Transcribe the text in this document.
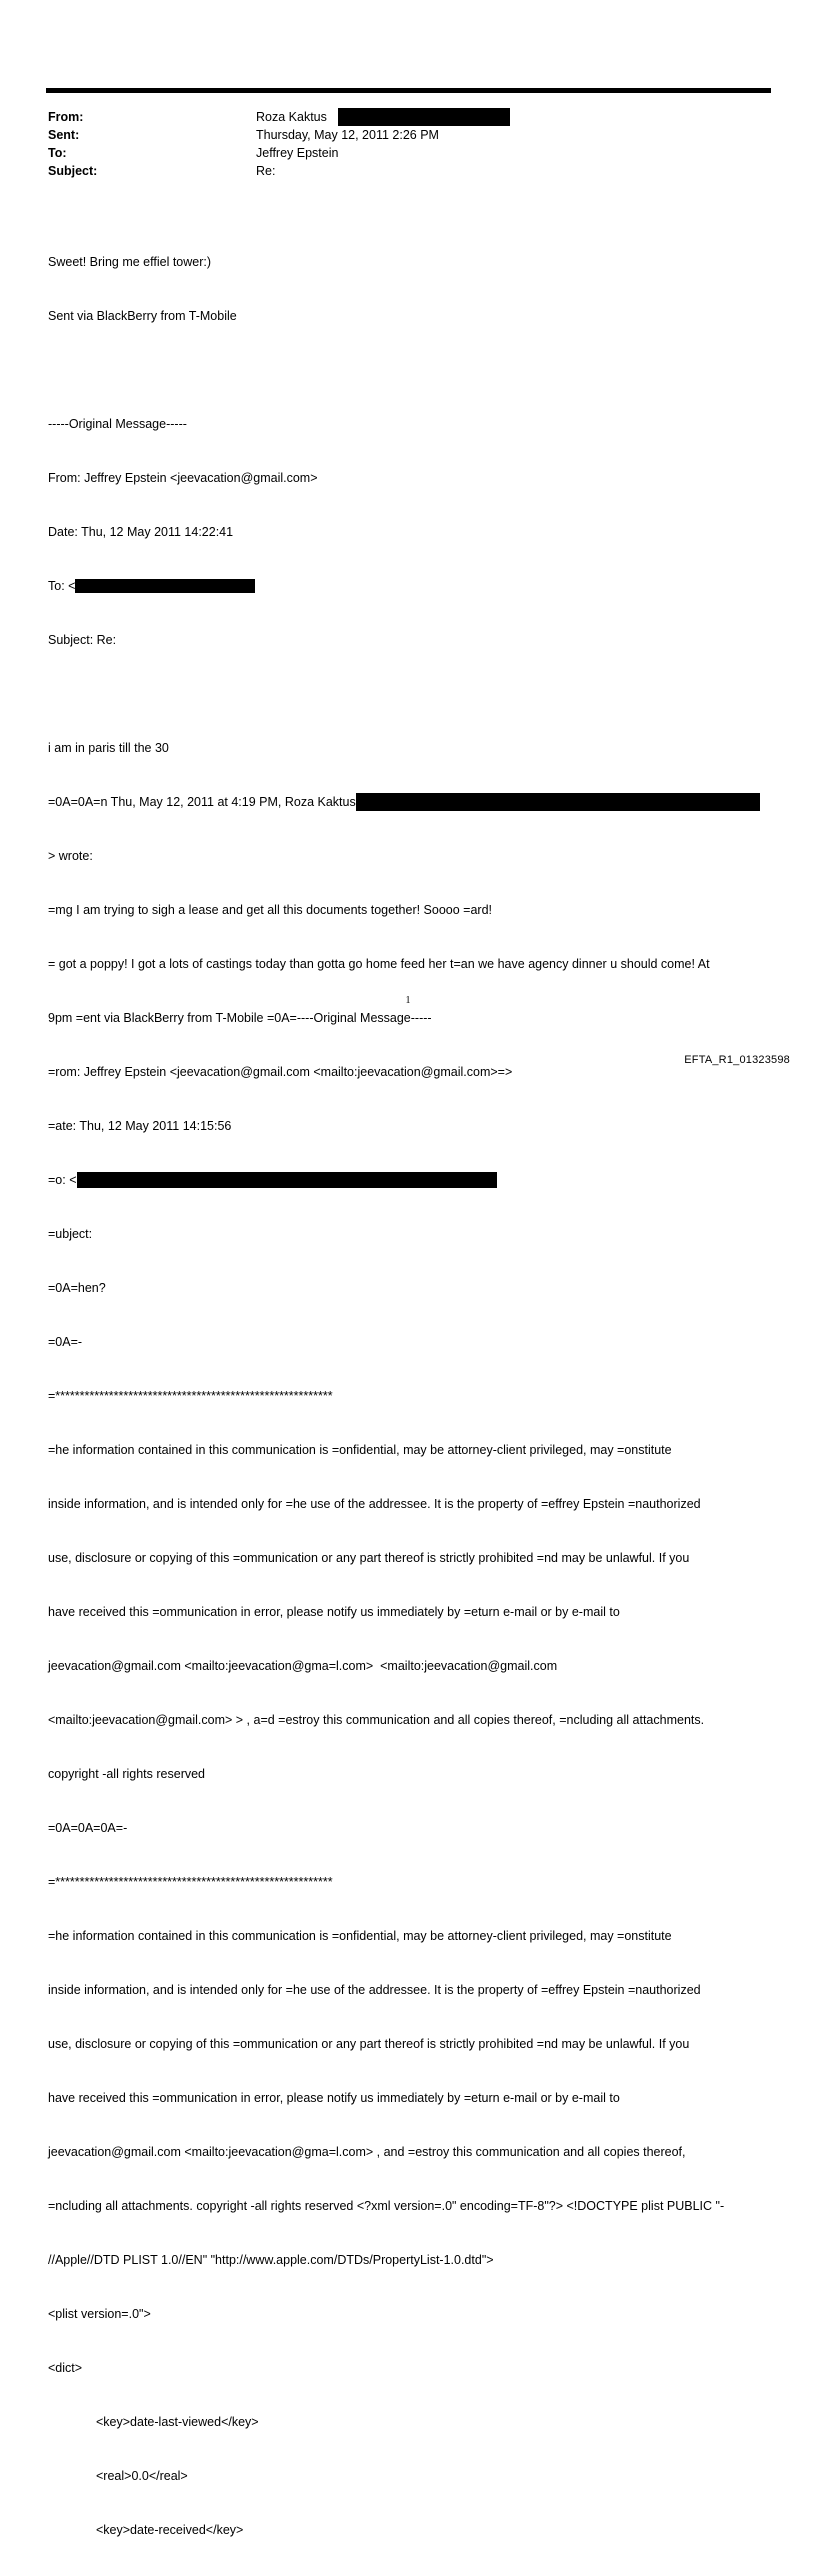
From:	Roza Kaktus
Sent:	Thursday, May 12, 2011 2:26 PM
To:	Jeffrey Epstein
Subject:	Re:

Sweet! Bring me effiel tower:)

Sent via BlackBerry from T-Mobile

-----Original Message-----

From: Jeffrey Epstein <jeevacation@gmail.com>

Date: Thu, 12 May 2011 14:22:41

To: <

Subject: Re:

i am in paris till the 30

=0A=0A=n Thu, May 12, 2011 at 4:19 PM, Roza Kaktus

> wrote:

=mg I am trying to sigh a lease and get all this documents together! Soooo =ard!

= got a poppy! I got a lots of castings today than gotta go home feed her t=an we have agency dinner u should come! At

9pm =ent via BlackBerry from T-Mobile =0A=----Original Message-----

=rom: Jeffrey Epstein <jeevacation@gmail.com <mailto:jeevacation@gmail.com>=>

=ate: Thu, 12 May 2011 14:15:56

=o: <

=ubject:

=0A=hen?

=0A=-

=*********************************************************

=he information contained in this communication is =onfidential, may be attorney-client privileged, may =onstitute

inside information, and is intended only for =he use of the addressee. It is the property of =effrey Epstein =nauthorized

use, disclosure or copying of this =ommunication or any part thereof is strictly prohibited =nd may be unlawful. If you

have received this =ommunication in error, please notify us immediately by =eturn e-mail or by e-mail to

jeevacation@gmail.com <mailto:jeevacation@gma=l.com>  <mailto:jeevacation@gmail.com

<mailto:jeevacation@gmail.com> > , a=d =estroy this communication and all copies thereof, =ncluding all attachments.

copyright -all rights reserved

=0A=0A=0A=-

=*********************************************************

=he information contained in this communication is =onfidential, may be attorney-client privileged, may =onstitute

inside information, and is intended only for =he use of the addressee. It is the property of =effrey Epstein =nauthorized

use, disclosure or copying of this =ommunication or any part thereof is strictly prohibited =nd may be unlawful. If you

have received this =ommunication in error, please notify us immediately by =eturn e-mail or by e-mail to

jeevacation@gmail.com <mailto:jeevacation@gma=l.com> , and =estroy this communication and all copies thereof,

=ncluding all attachments. copyright -all rights reserved <?xml version=.0" encoding=TF-8"?> <!DOCTYPE plist PUBLIC "-

//Apple//DTD PLIST 1.0//EN" "http://www.apple.com/DTDs/PropertyList-1.0.dtd">

<plist version=.0">

<dict>

<key>date-last-viewed</key>

<real>0.0</real>

<key>date-received</key>

1
EFTA_R1_01323598
